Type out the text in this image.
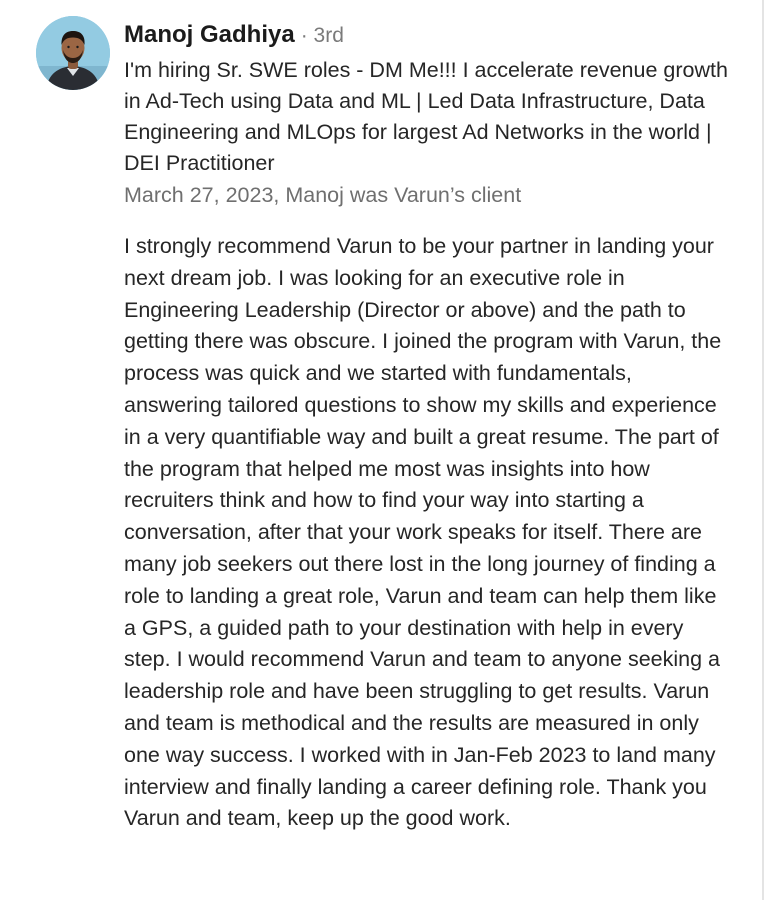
Manoj Gadhiya · 3rd
I'm hiring Sr. SWE roles - DM Me!!! I accelerate revenue growth in Ad-Tech using Data and ML | Led Data Infrastructure, Data Engineering and MLOps for largest Ad Networks in the world | DEI Practitioner
March 27, 2023, Manoj was Varun’s client
I strongly recommend Varun to be your partner in landing your next dream job. I was looking for an executive role in Engineering Leadership (Director or above) and the path to getting there was obscure. I joined the program with Varun, the process was quick and we started with fundamentals, answering tailored questions to show my skills and experience in a very quantifiable way and built a great resume. The part of the program that helped me most was insights into how recruiters think and how to find your way into starting a conversation, after that your work speaks for itself. There are many job seekers out there lost in the long journey of finding a role to landing a great role, Varun and team can help them like a GPS, a guided path to your destination with help in every step. I would recommend Varun and team to anyone seeking a leadership role and have been struggling to get results. Varun and team is methodical and the results are measured in only one way success. I worked with in Jan-Feb 2023 to land many interview and finally landing a career defining role. Thank you Varun and team, keep up the good work.
